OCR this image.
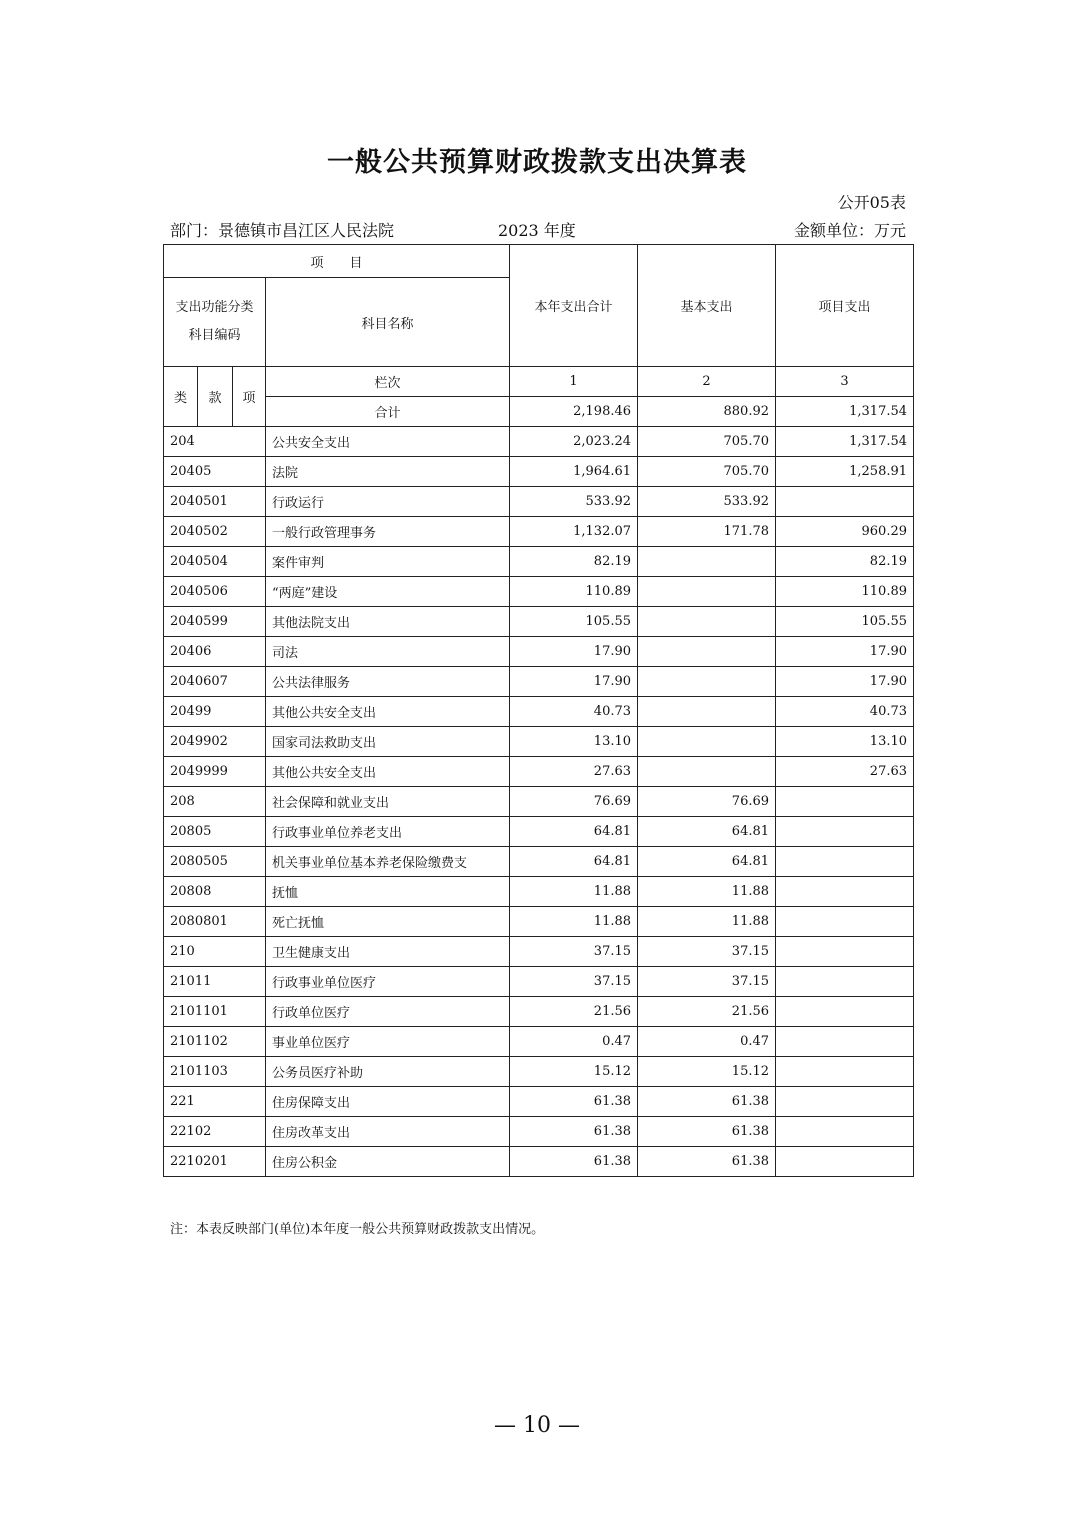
一般公共预算财政拨款支出决算表
公开05表
部门：景德镇市昌江区人民法院	2023 年度	金额单位：万元
项　　目				本年支出合计	基本支出	项目支出
支出功能分类科目编码			科目名称			
类	款	项	栏次	1	2	3
			合计	2,198.46	880.92	1,317.54
204			公共安全支出	2,023.24	705.70	1,317.54
20405			法院	1,964.61	705.70	1,258.91
2040501			行政运行	533.92	533.92	
2040502			一般行政管理事务	1,132.07	171.78	960.29
2040504			案件审判	82.19		82.19
2040506			“两庭”建设	110.89		110.89
2040599			其他法院支出	105.55		105.55
20406			司法	17.90		17.90
2040607			公共法律服务	17.90		17.90
20499			其他公共安全支出	40.73		40.73
2049902			国家司法救助支出	13.10		13.10
2049999			其他公共安全支出	27.63		27.63
208			社会保障和就业支出	76.69	76.69	
20805			行政事业单位养老支出	64.81	64.81	
2080505			机关事业单位基本养老保险缴费支	64.81	64.81	
20808			抚恤	11.88	11.88	
2080801			死亡抚恤	11.88	11.88	
210			卫生健康支出	37.15	37.15	
21011			行政事业单位医疗	37.15	37.15	
2101101			行政单位医疗	21.56	21.56	
2101102			事业单位医疗	0.47	0.47	
2101103			公务员医疗补助	15.12	15.12	
221			住房保障支出	61.38	61.38	
22102			住房改革支出	61.38	61.38	
2210201			住房公积金	61.38	61.38	
注：本表反映部门(单位)本年度一般公共预算财政拨款支出情况。
— 10 —
